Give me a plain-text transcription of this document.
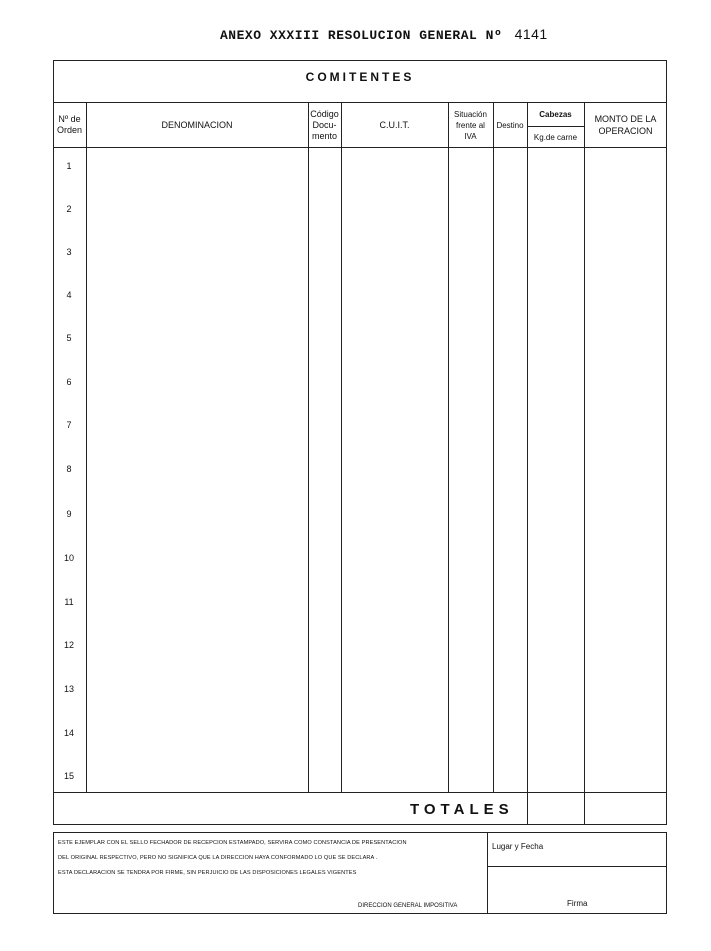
ANEXO XXXIII RESOLUCION GENERAL Nº 4141
COMITENTES
Nº de
Orden
DENOMINACION
Código
Docu-
mento
C.U.I.T.
Situación
frente al
IVA
Destino
Cabezas
Kg.de carne
MONTO DE LA
OPERACION
1
2
3
4
5
6
7
8
9
10
11
12
13
14
15
TOTALES
ESTE EJEMPLAR CON EL SELLO FECHADOR DE RECEPCION ESTAMPADO, SERVIRA COMO CONSTANCIA DE PRESENTACION
DEL ORIGINAL RESPECTIVO, PERO NO SIGNIFICA QUE LA DIRECCION HAYA CONFORMADO LO QUE SE DECLARA .
ESTA DECLARACION SE TENDRA POR FIRME, SIN PERJUICIO DE LAS DISPOSICIONES LEGALES VIGENTES
DIRECCION GENERAL IMPOSITIVA
Lugar y Fecha
Firma
